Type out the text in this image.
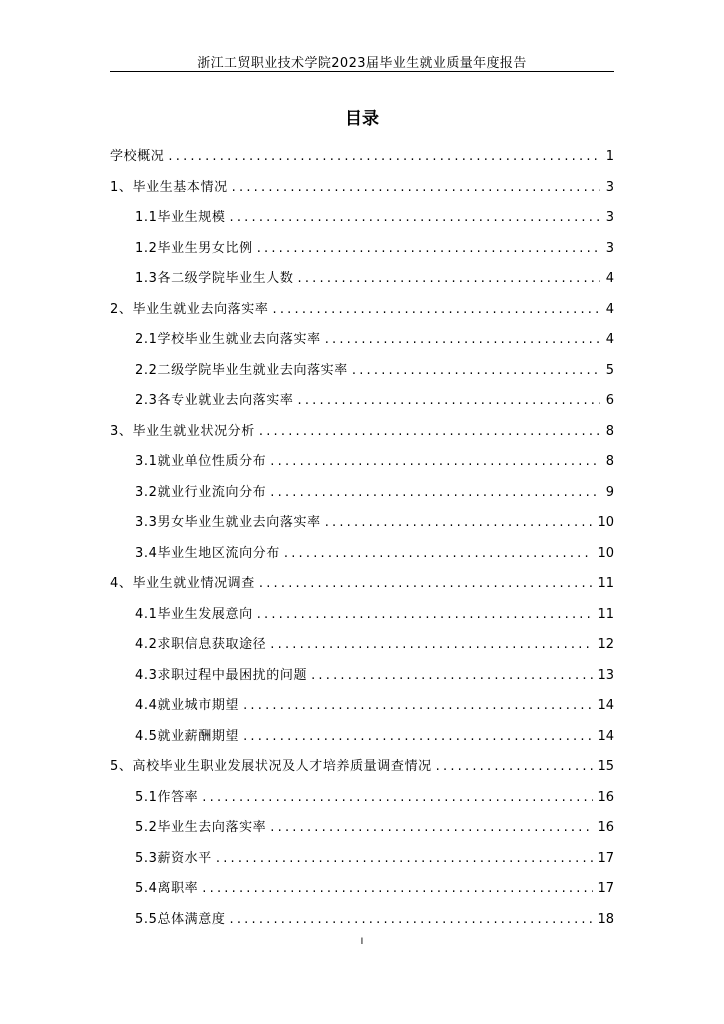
浙江工贸职业技术学院2023届毕业生就业质量年度报告
目录
学校概况 .....	1
1、毕业生基本情况 .....	3
1.1毕业生规模 .....	3
1.2毕业生男女比例 .....	3
1.3各二级学院毕业生人数 .....	4
2、毕业生就业去向落实率 .....	4
2.1学校毕业生就业去向落实率 .....	4
2.2二级学院毕业生就业去向落实率 .....	5
2.3各专业就业去向落实率 .....	6
3、毕业生就业状况分析 .....	8
3.1就业单位性质分布 .....	8
3.2就业行业流向分布 .....	9
3.3男女毕业生就业去向落实率 .....	10
3.4毕业生地区流向分布 .....	10
4、毕业生就业情况调查 .....	11
4.1毕业生发展意向 .....	11
4.2求职信息获取途径 .....	12
4.3求职过程中最困扰的问题 .....	13
4.4就业城市期望 .....	14
4.5就业薪酬期望 .....	14
5、高校毕业生职业发展状况及人才培养质量调查情况 .....	15
5.1作答率 .....	16
5.2毕业生去向落实率 .....	16
5.3薪资水平 .....	17
5.4离职率 .....	17
5.5总体满意度 .....	18
I
